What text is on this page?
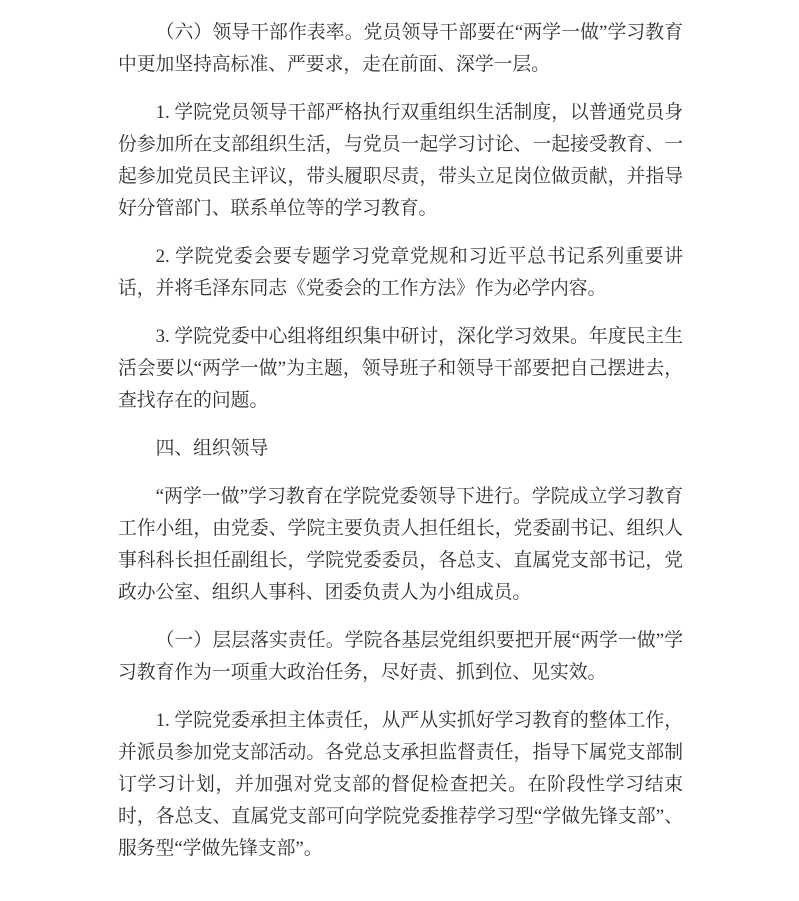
（六）领导干部作表率。党员领导干部要在“两学一做”学习教育中更加坚持高标准、严要求，走在前面、深学一层。

1. 学院党员领导干部严格执行双重组织生活制度，以普通党员身份参加所在支部组织生活，与党员一起学习讨论、一起接受教育、一起参加党员民主评议，带头履职尽责，带头立足岗位做贡献，并指导好分管部门、联系单位等的学习教育。

2. 学院党委会要专题学习党章党规和习近平总书记系列重要讲话，并将毛泽东同志《党委会的工作方法》作为必学内容。

3. 学院党委中心组将组织集中研讨，深化学习效果。年度民主生活会要以“两学一做”为主题，领导班子和领导干部要把自己摆进去，查找存在的问题。

四、组织领导

“两学一做”学习教育在学院党委领导下进行。学院成立学习教育工作小组，由党委、学院主要负责人担任组长，党委副书记、组织人事科科长担任副组长，学院党委委员，各总支、直属党支部书记，党政办公室、组织人事科、团委负责人为小组成员。

（一）层层落实责任。学院各基层党组织要把开展“两学一做”学习教育作为一项重大政治任务，尽好责、抓到位、见实效。

1. 学院党委承担主体责任，从严从实抓好学习教育的整体工作，并派员参加党支部活动。各党总支承担监督责任，指导下属党支部制订学习计划，并加强对党支部的督促检查把关。在阶段性学习结束时，各总支、直属党支部可向学院党委推荐学习型“学做先锋支部”、服务型“学做先锋支部”。
